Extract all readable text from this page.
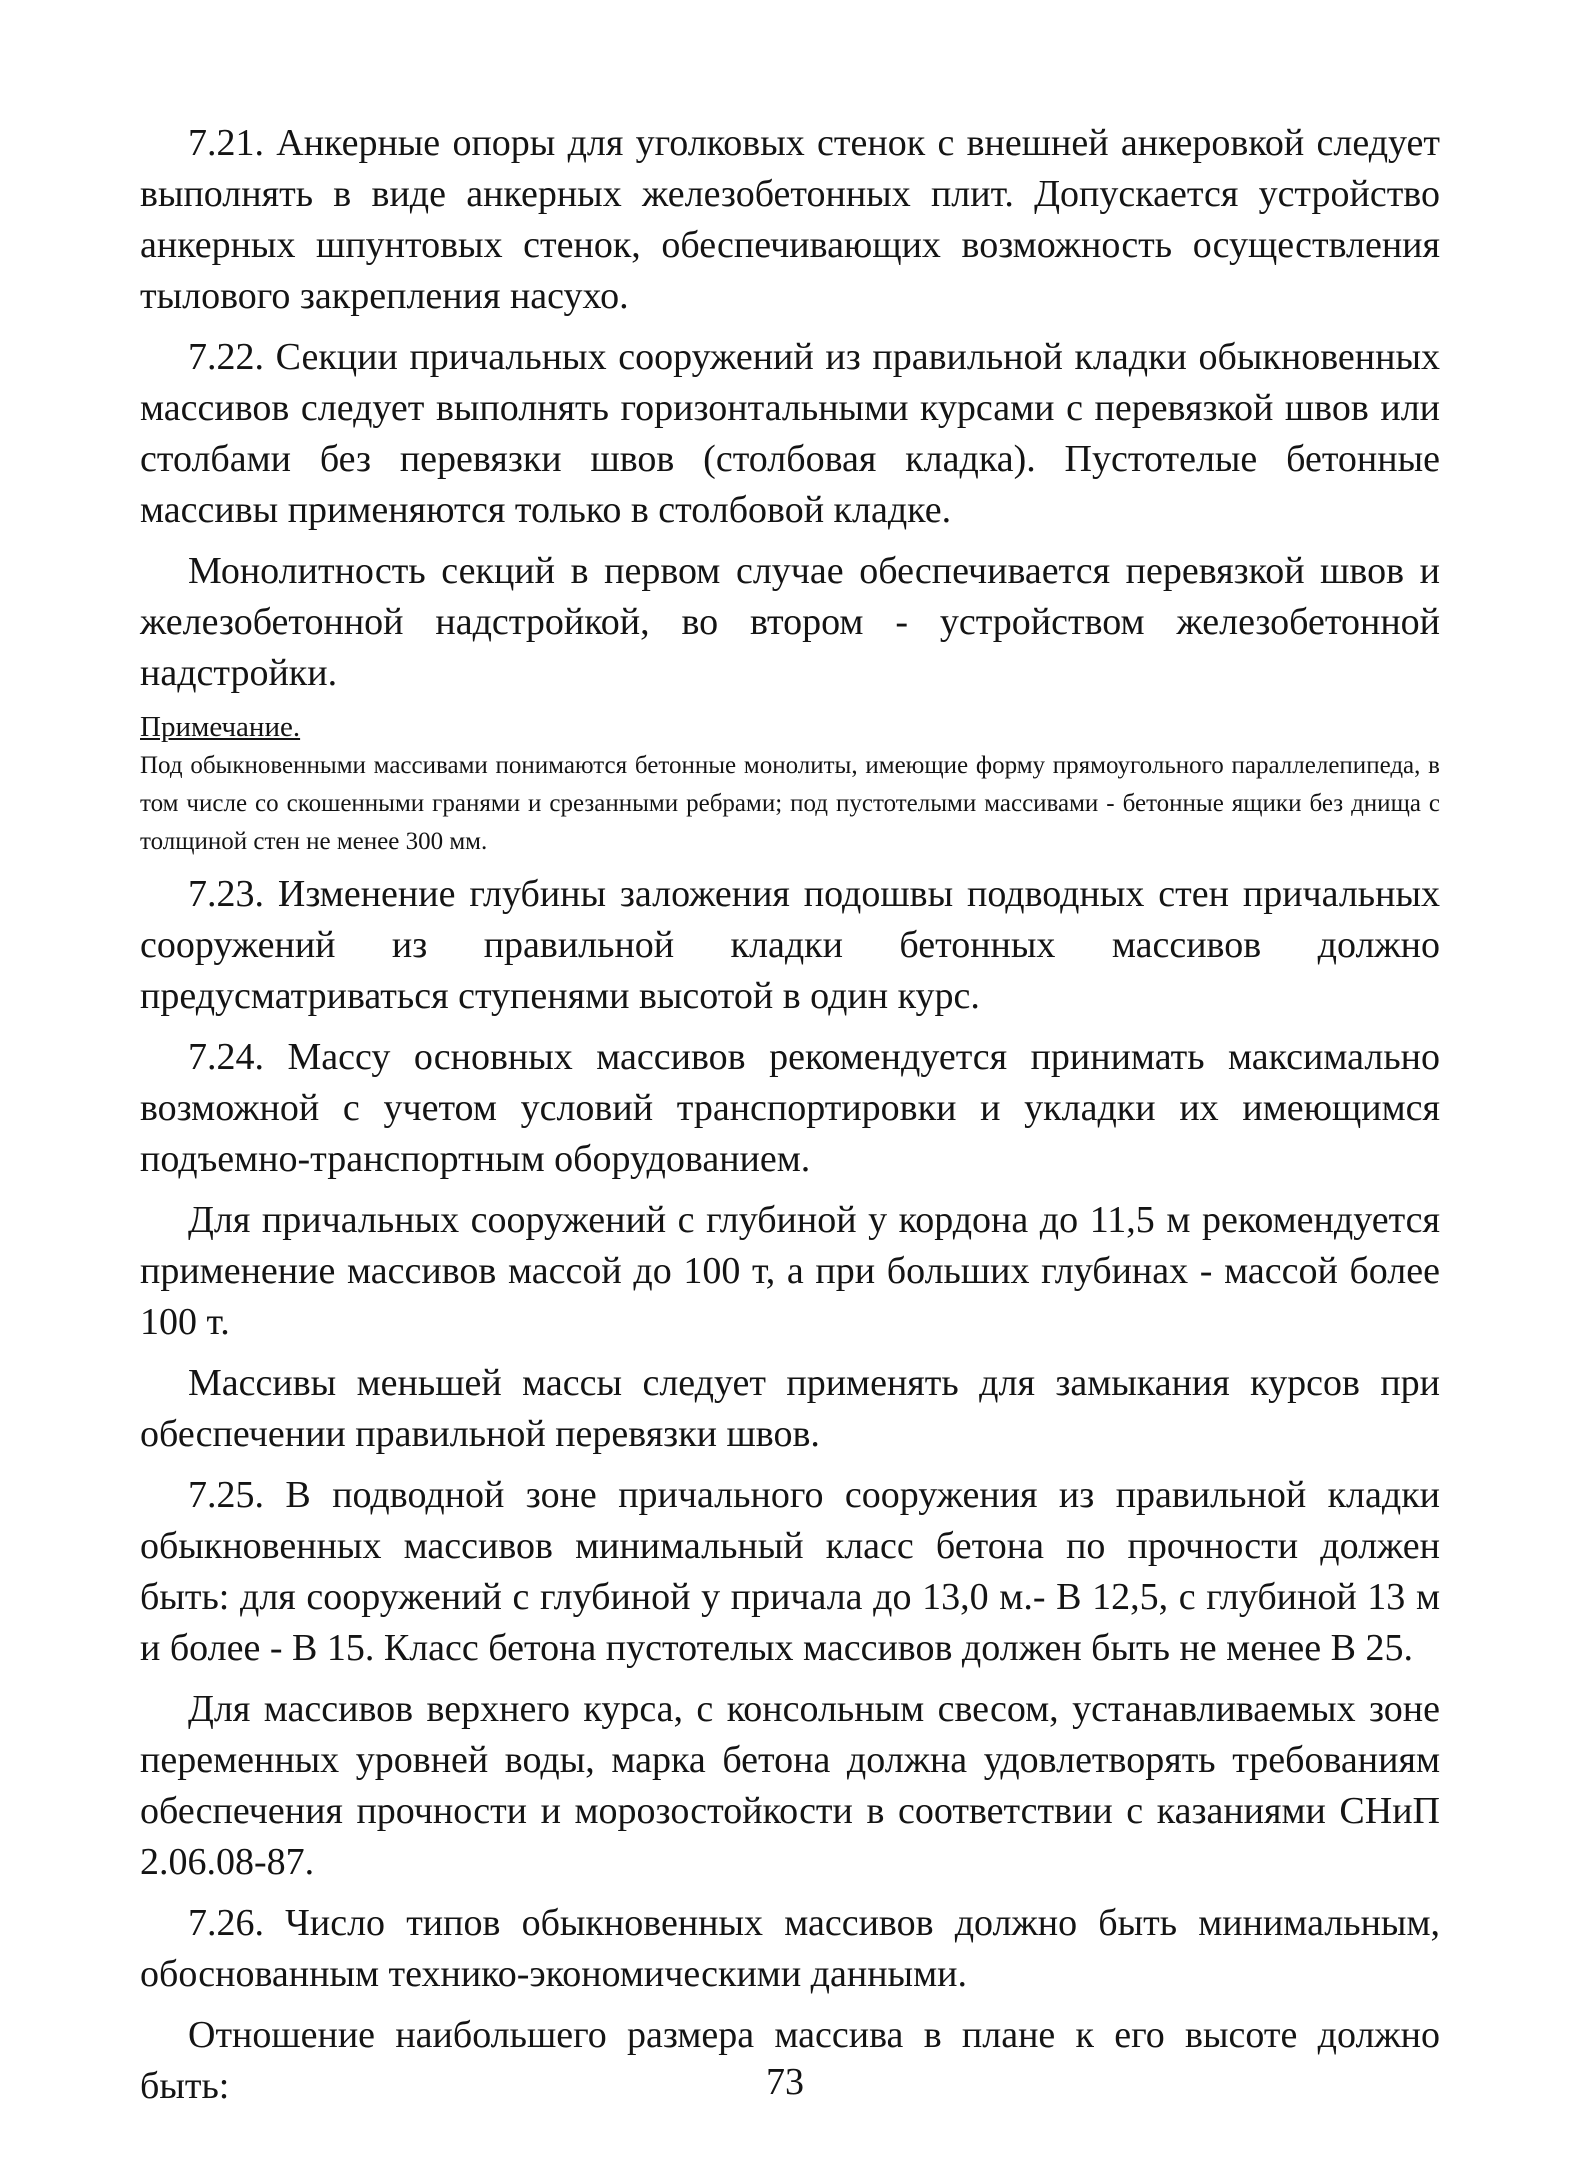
7.21. Анкерные опоры для уголковых стенок с внешней анкеровкой следует выполнять в виде анкерных железобетонных плит. Допускается устройство анкерных шпунтовых стенок, обеспечивающих возможность осуществления тылового закрепления насухо.

7.22. Секции причальных сооружений из правильной кладки обыкновенных массивов следует выполнять горизонтальными курсами с перевязкой швов или столбами без перевязки швов (столбовая кладка). Пустотелые бетонные массивы применяются только в столбовой кладке.

Монолитность секций в первом случае обеспечивается перевязкой швов и железобетонной надстройкой, во втором - устройством железобетонной надстройки.

Примечание.

Под обыкновенными массивами понимаются бетонные монолиты, имеющие форму прямоугольного параллелепипеда, в том числе со скошенными гранями и срезанными ребрами; под пустотелыми массивами - бетонные ящики без днища с толщиной стен не менее 300 мм.

7.23. Изменение глубины заложения подошвы подводных стен причальных сооружений из правильной кладки бетонных массивов должно предусматриваться ступенями высотой в один курс.

7.24. Массу основных массивов рекомендуется принимать максимально возможной с учетом условий транспортировки и укладки их имеющимся подъемно-транспортным оборудованием.

Для причальных сооружений с глубиной у кордона до 11,5 м рекомендуется применение массивов массой до 100 т, а при больших глубинах - массой более 100 т.

Массивы меньшей массы следует применять для замыкания курсов при обеспечении правильной перевязки швов.

7.25. В подводной зоне причального сооружения из правильной кладки обыкновенных массивов минимальный класс бетона по прочности должен быть: для сооружений с глубиной у причала до 13,0 м.- В 12,5, с глубиной 13 м и более - В 15. Класс бетона пустотелых массивов должен быть не менее В 25.

Для массивов верхнего курса, с консольным свесом, устанавливаемых зоне переменных уровней воды, марка бетона должна удовлетворять требованиям обеспечения прочности и морозостойкости в соответствии с казаниями СНиП 2.06.08-87.

7.26. Число типов обыкновенных массивов должно быть минимальным, обоснованным технико-экономическими данными.

Отношение наибольшего размера массива в плане к его высоте должно быть:	73
